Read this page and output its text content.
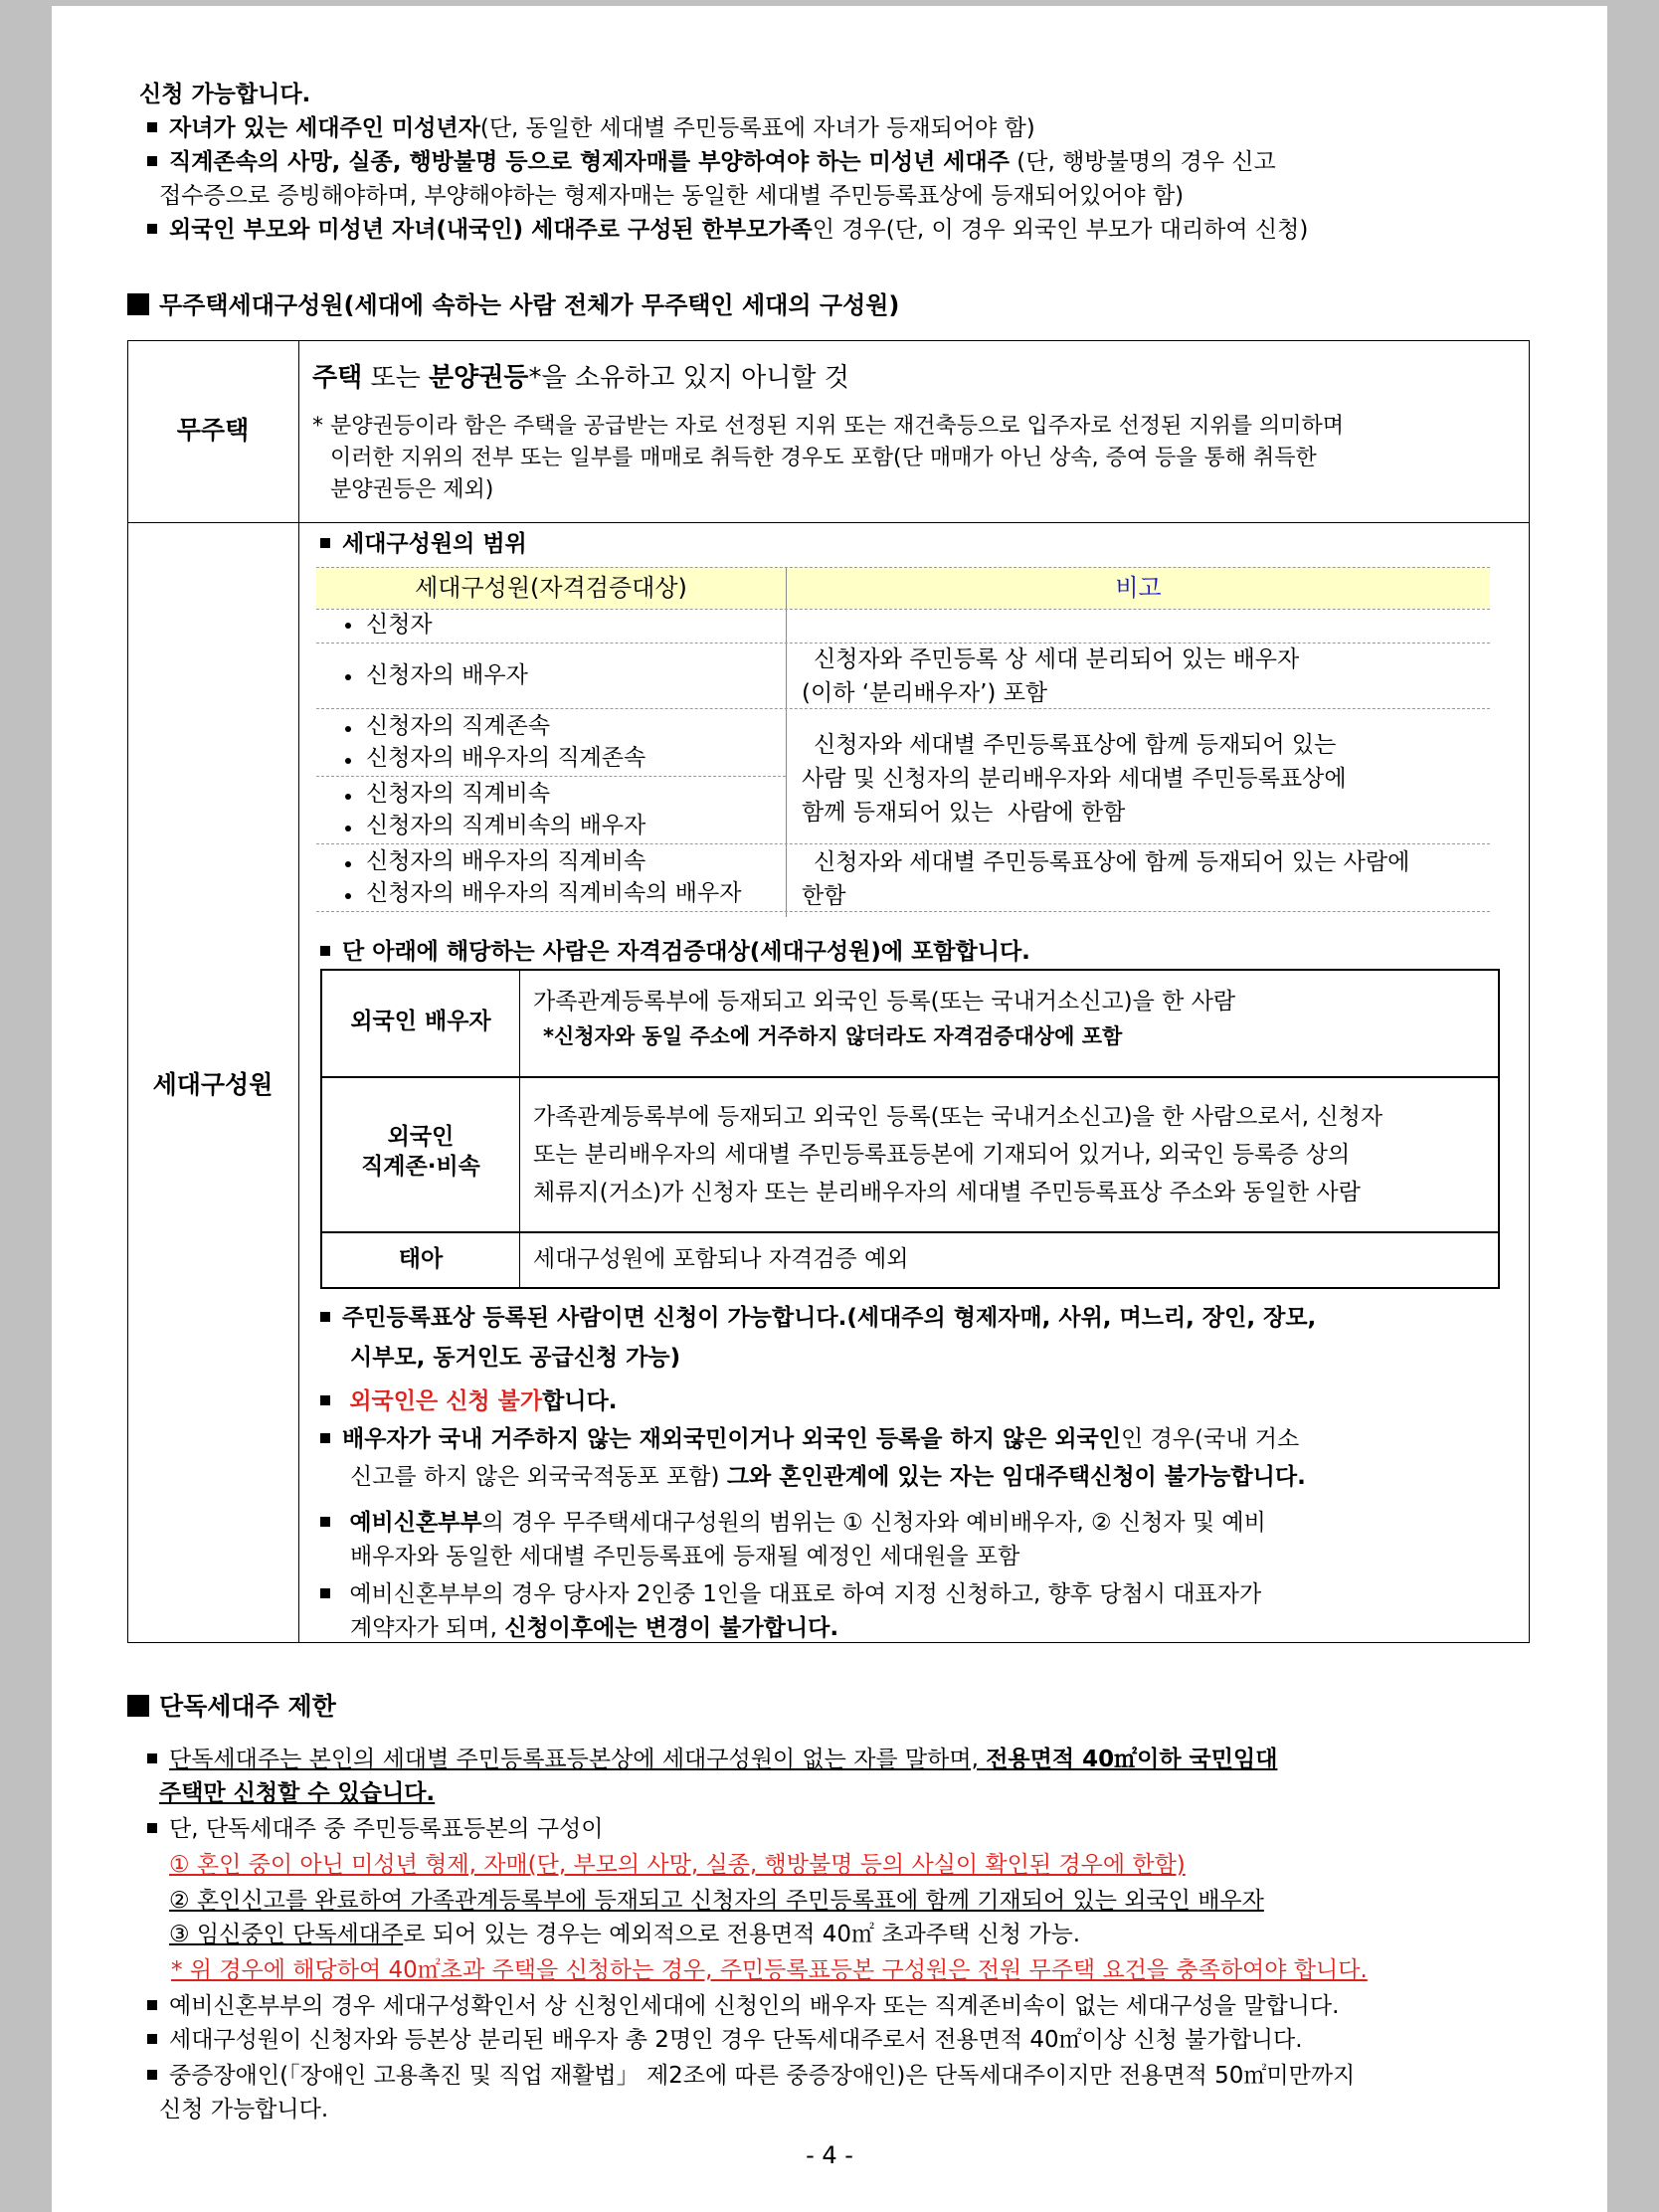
신청 가능합니다.
자녀가 있는 세대주인 미성년자(단, 동일한 세대별 주민등록표에 자녀가 등재되어야 함)
직계존속의 사망, 실종, 행방불명 등으로 형제자매를 부양하여야 하는 미성년 세대주 (단, 행방불명의 경우 신고
접수증으로 증빙해야하며, 부양해야하는 형제자매는 동일한 세대별 주민등록표상에 등재되어있어야 함)
외국인 부모와 미성년 자녀(내국인) 세대주로 구성된 한부모가족인 경우(단, 이 경우 외국인 부모가 대리하여 신청)
무주택세대구성원(세대에 속하는 사람 전체가 무주택인 세대의 구성원)
무주택
주택 또는 분양권등*을 소유하고 있지 아니할 것
* 분양권등이라 함은 주택을 공급받는 자로 선정된 지위 또는 재건축등으로 입주자로 선정된 지위를 의미하며
이러한 지위의 전부 또는 일부를 매매로 취득한 경우도 포함(단 매매가 아닌 상속, 증여 등을 통해 취득한
분양권등은 제외)
세대구성원
세대구성원의 범위
세대구성원(자격검증대상)	비고
신청자
신청자의 배우자
신청자와 주민등록 상 세대 분리되어 있는 배우자
(이하 ‘분리배우자’) 포함
신청자의 직계존속
신청자의 배우자의 직계존속
신청자의 직계비속
신청자의 직계비속의 배우자
신청자와 세대별 주민등록표상에 함께 등재되어 있는
사람 및 신청자의 분리배우자와 세대별 주민등록표상에
함께 등재되어 있는  사람에 한함
신청자의 배우자의 직계비속
신청자의 배우자의 직계비속의 배우자
신청자와 세대별 주민등록표상에 함께 등재되어 있는 사람에
한함
단 아래에 해당하는 사람은 자격검증대상(세대구성원)에 포함합니다.
외국인 배우자
가족관계등록부에 등재되고 외국인 등록(또는 국내거소신고)을 한 사람
*신청자와 동일 주소에 거주하지 않더라도 자격검증대상에 포함
외국인
직계존·비속
가족관계등록부에 등재되고 외국인 등록(또는 국내거소신고)을 한 사람으로서, 신청자
또는 분리배우자의 세대별 주민등록표등본에 기재되어 있거나, 외국인 등록증 상의
체류지(거소)가 신청자 또는 분리배우자의 세대별 주민등록표상 주소와 동일한 사람
태아	세대구성원에 포함되나 자격검증 예외
주민등록표상 등록된 사람이면 신청이 가능합니다.(세대주의 형제자매, 사위, 며느리, 장인, 장모,
시부모, 동거인도 공급신청 가능)
외국인은 신청 불가합니다.
배우자가 국내 거주하지 않는 재외국민이거나 외국인 등록을 하지 않은 외국인인 경우(국내 거소
신고를 하지 않은 외국국적동포 포함) 그와 혼인관계에 있는 자는 임대주택신청이 불가능합니다.
예비신혼부부의 경우 무주택세대구성원의 범위는 ① 신청자와 예비배우자, ② 신청자 및 예비
배우자와 동일한 세대별 주민등록표에 등재될 예정인 세대원을 포함
예비신혼부부의 경우 당사자 2인중 1인을 대표로 하여 지정 신청하고, 향후 당첨시 대표자가
계약자가 되며, 신청이후에는 변경이 불가합니다.
단독세대주 제한
단독세대주는 본인의 세대별 주민등록표등본상에 세대구성원이 없는 자를 말하며, 전용면적 40㎡이하 국민임대
주택만 신청할 수 있습니다.
단, 단독세대주 중 주민등록표등본의 구성이
① 혼인 중이 아닌 미성년 형제, 자매(단, 부모의 사망, 실종, 행방불명 등의 사실이 확인된 경우에 한함)
② 혼인신고를 완료하여 가족관계등록부에 등재되고 신청자의 주민등록표에 함께 기재되어 있는 외국인 배우자
③ 임신중인 단독세대주로 되어 있는 경우는 예외적으로 전용면적 40㎡ 초과주택 신청 가능.
* 위 경우에 해당하여 40㎡초과 주택을 신청하는 경우, 주민등록표등본 구성원은 전원 무주택 요건을 충족하여야 합니다.
예비신혼부부의 경우 세대구성확인서 상 신청인세대에 신청인의 배우자 또는 직계존비속이 없는 세대구성을 말합니다.
세대구성원이 신청자와 등본상 분리된 배우자 총 2명인 경우 단독세대주로서 전용면적 40㎡이상 신청 불가합니다.
중증장애인(「장애인 고용촉진 및 직업 재활법」 제2조에 따른 중증장애인)은 단독세대주이지만 전용면적 50㎡미만까지
신청 가능합니다.
- 4 -
